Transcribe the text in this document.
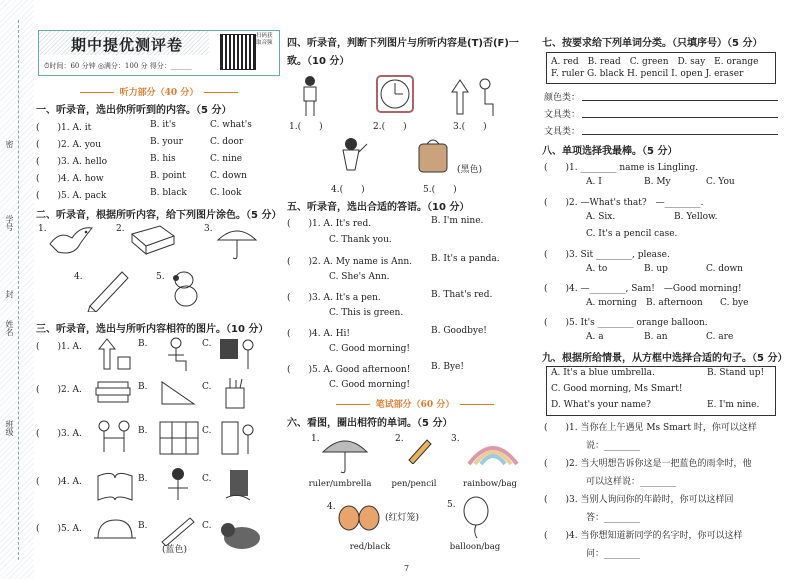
密
学号
封
姓名
班级
期中提优测评卷
⏱时间：60 分钟 ◎满分：100 分 得分：______
扫码获取音频
听力部分（40 分）
一、听录音，选出你所听到的内容。（5 分）
(　　)1. A. it	B. it's	C. what's
(　　)2. A. you	B. your	C. door
(　　)3. A. hello	B. his	C. nine
(　　)4. A. how	B. point	C. down
(　　)5. A. pack	B. black	C. look
二、听录音，根据所听内容，给下列图片涂色。（5 分）
1.	2.	3.
4.	5.
三、听录音，选出与所听内容相符的图片。（10 分）
(　　)1. A.	B.	C.
(　　)2. A.	B.	C.
(　　)3. A.	B.	C.
(　　)4. A.	B.	C.
(　　)5. A.	B.	C.
(蓝色)
四、听录音，判断下列图片与所听内容是(T)否(F)一致。（10 分）
1.(　　)	2.(　　)	3.(　　)
(黑色)
4.(　　)	5.(　　)
五、听录音，选出合适的答语。（10 分）
(　　)1. A. It's red.	B. I'm nine.
C. Thank you.
(　　)2. A. My name is Ann. B. It's a panda.
C. She's Ann.
(　　)3. A. It's a pen.	B. That's red.
C. This is green.
(　　)4. A. Hi!	B. Goodbye!
C. Good morning!
(　　)5. A. Good afternoon! B. Bye!
C. Good morning!
笔试部分（60 分）
六、看图，圈出相符的单词。（5 分）
1.
ruler/umbrella
2.
pen/pencil
3.
rainbow/bag
4.
(红灯笼)
red/black
5.
balloon/bag
七、按要求给下列单词分类。（只填序号）（5 分）
A. red　B. read　C. green　D. say　E. orange
F. ruler G. black H. pencil I. open J. eraser
颜色类：
文具类：
文具类：
八、单项选择我最棒。（5 分）
(　　)1. ________ name is Lingling.
A. I	B. My	C. You
(　　)2. —What's that?　—________.
A. Six.	B. Yellow.
C. It's a pencil case.
(　　)3. Sit ________, please.
A. to	B. up	C. down
(　　)4. —________, Sam!　—Good morning!
A. morning B. afternoon C. bye
(　　)5. It's ________ orange balloon.
A. a	B. an	C. are
九、根据所给情景，从方框中选择合适的句子。（5 分）
A. It's a blue umbrella.	B. Stand up!
C. Good morning, Ms Smart!
D. What's your name?	E. I'm nine.
(　　)1. 当你在上午遇见 Ms Smart 时，你可以这样
说：________
(　　)2. 当大明想告诉你这是一把蓝色的雨伞时，他
可以这样说：________
(　　)3. 当别人询问你的年龄时，你可以这样回
答：________
(　　)4. 当你想知道新同学的名字时，你可以这样
问：________
7
